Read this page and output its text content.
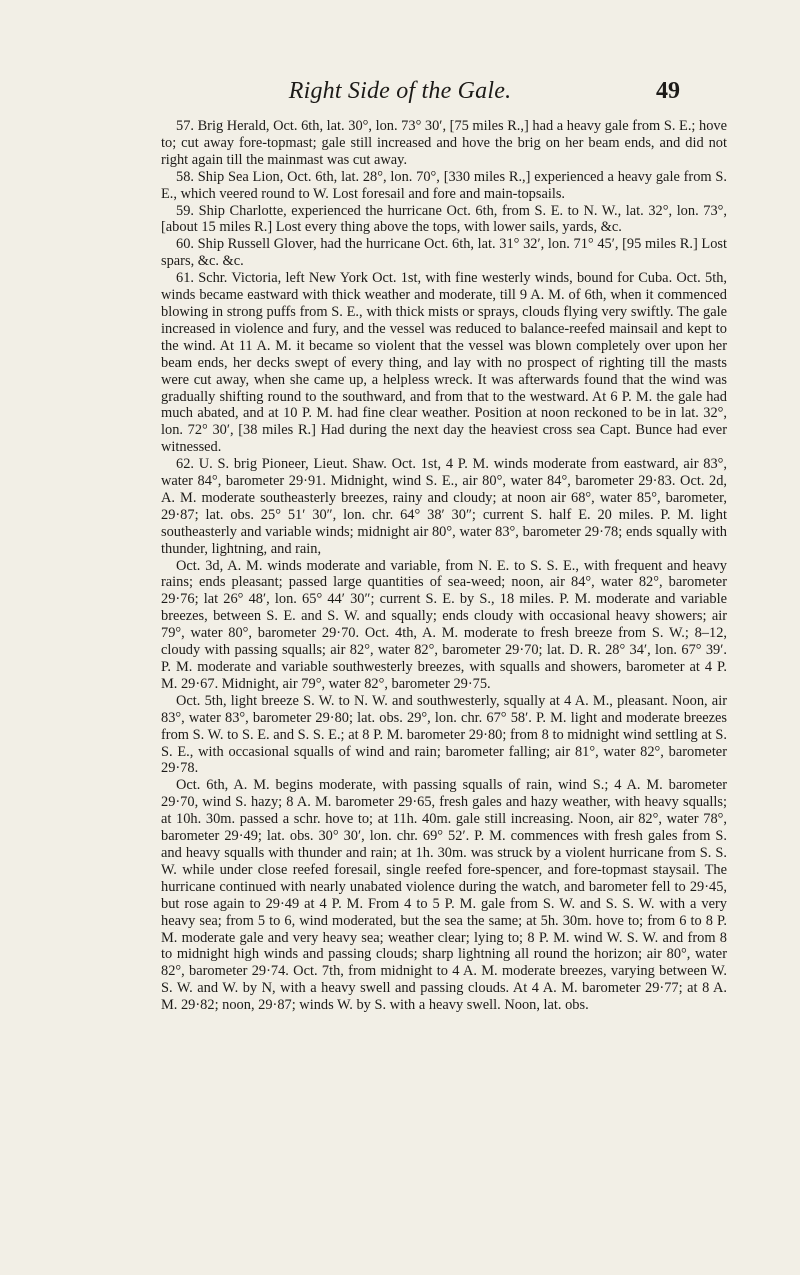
Right Side of the Gale.	49

57. Brig Herald, Oct. 6th, lat. 30°, lon. 73° 30′, [75 miles R.,] had a heavy gale from S. E.; hove to; cut away fore-topmast; gale still increased and hove the brig on her beam ends, and did not right again till the mainmast was cut away.

58. Ship Sea Lion, Oct. 6th, lat. 28°, lon. 70°, [330 miles R.,] experienced a heavy gale from S. E., which veered round to W. Lost foresail and fore and main-topsails.

59. Ship Charlotte, experienced the hurricane Oct. 6th, from S. E. to N. W., lat. 32°, lon. 73°, [about 15 miles R.] Lost every thing above the tops, with lower sails, yards, &c.

60. Ship Russell Glover, had the hurricane Oct. 6th, lat. 31° 32′, lon. 71° 45′, [95 miles R.] Lost spars, &c. &c.

61. Schr. Victoria, left New York Oct. 1st, with fine westerly winds, bound for Cuba. Oct. 5th, winds became eastward with thick weather and moderate, till 9 A. M. of 6th, when it commenced blowing in strong puffs from S. E., with thick mists or sprays, clouds flying very swiftly. The gale increased in violence and fury, and the vessel was reduced to balance-reefed mainsail and kept to the wind. At 11 A. M. it became so violent that the vessel was blown completely over upon her beam ends, her decks swept of every thing, and lay with no prospect of righting till the masts were cut away, when she came up, a helpless wreck. It was afterwards found that the wind was gradually shifting round to the southward, and from that to the westward. At 6 P. M. the gale had much abated, and at 10 P. M. had fine clear weather. Position at noon reckoned to be in lat. 32°, lon. 72° 30′, [38 miles R.] Had during the next day the heaviest cross sea Capt. Bunce had ever witnessed.

62. U. S. brig Pioneer, Lieut. Shaw. Oct. 1st, 4 P. M. winds moderate from eastward, air 83°, water 84°, barometer 29·91. Midnight, wind S. E., air 80°, water 84°, barometer 29·83. Oct. 2d, A. M. moderate southeasterly breezes, rainy and cloudy; at noon air 68°, water 85°, barometer, 29·87; lat. obs. 25° 51′ 30″, lon. chr. 64° 38′ 30″; current S. half E. 20 miles. P. M. light southeasterly and variable winds; midnight air 80°, water 83°, barometer 29·78; ends squally with thunder, lightning, and rain,

Oct. 3d, A. M. winds moderate and variable, from N. E. to S. S. E., with frequent and heavy rains; ends pleasant; passed large quantities of sea-weed; noon, air 84°, water 82°, barometer 29·76; lat 26° 48′, lon. 65° 44′ 30″; current S. E. by S., 18 miles. P. M. moderate and variable breezes, between S. E. and S. W. and squally; ends cloudy with occasional heavy showers; air 79°, water 80°, barometer 29·70. Oct. 4th, A. M. moderate to fresh breeze from S. W.; 8–12, cloudy with passing squalls; air 82°, water 82°, barometer 29·70; lat. D. R. 28° 34′, lon. 67° 39′. P. M. moderate and variable southwesterly breezes, with squalls and showers, barometer at 4 P. M. 29·67. Midnight, air 79°, water 82°, barometer 29·75.

Oct. 5th, light breeze S. W. to N. W. and southwesterly, squally at 4 A. M., pleasant. Noon, air 83°, water 83°, barometer 29·80; lat. obs. 29°, lon. chr. 67° 58′. P. M. light and moderate breezes from S. W. to S. E. and S. S. E.; at 8 P. M. barometer 29·80; from 8 to midnight wind settling at S. S. E., with occasional squalls of wind and rain; barometer falling; air 81°, water 82°, barometer 29·78.

Oct. 6th, A. M. begins moderate, with passing squalls of rain, wind S.; 4 A. M. barometer 29·70, wind S. hazy; 8 A. M. barometer 29·65, fresh gales and hazy weather, with heavy squalls; at 10h. 30m. passed a schr. hove to; at 11h. 40m. gale still increasing. Noon, air 82°, water 78°, barometer 29·49; lat. obs. 30° 30′, lon. chr. 69° 52′. P. M. commences with fresh gales from S. and heavy squalls with thunder and rain; at 1h. 30m. was struck by a violent hurricane from S. S. W. while under close reefed foresail, single reefed fore-spencer, and fore-topmast staysail. The hurricane continued with nearly unabated violence during the watch, and barometer fell to 29·45, but rose again to 29·49 at 4 P. M. From 4 to 5 P. M. gale from S. W. and S. S. W. with a very heavy sea; from 5 to 6, wind moderated, but the sea the same; at 5h. 30m. hove to; from 6 to 8 P. M. moderate gale and very heavy sea; weather clear; lying to; 8 P. M. wind W. S. W. and from 8 to midnight high winds and passing clouds; sharp lightning all round the horizon; air 80°, water 82°, barometer 29·74. Oct. 7th, from midnight to 4 A. M. moderate breezes, varying between W. S. W. and W. by N, with a heavy swell and passing clouds. At 4 A. M. barometer 29·77; at 8 A. M. 29·82; noon, 29·87; winds W. by S. with a heavy swell. Noon, lat. obs.
